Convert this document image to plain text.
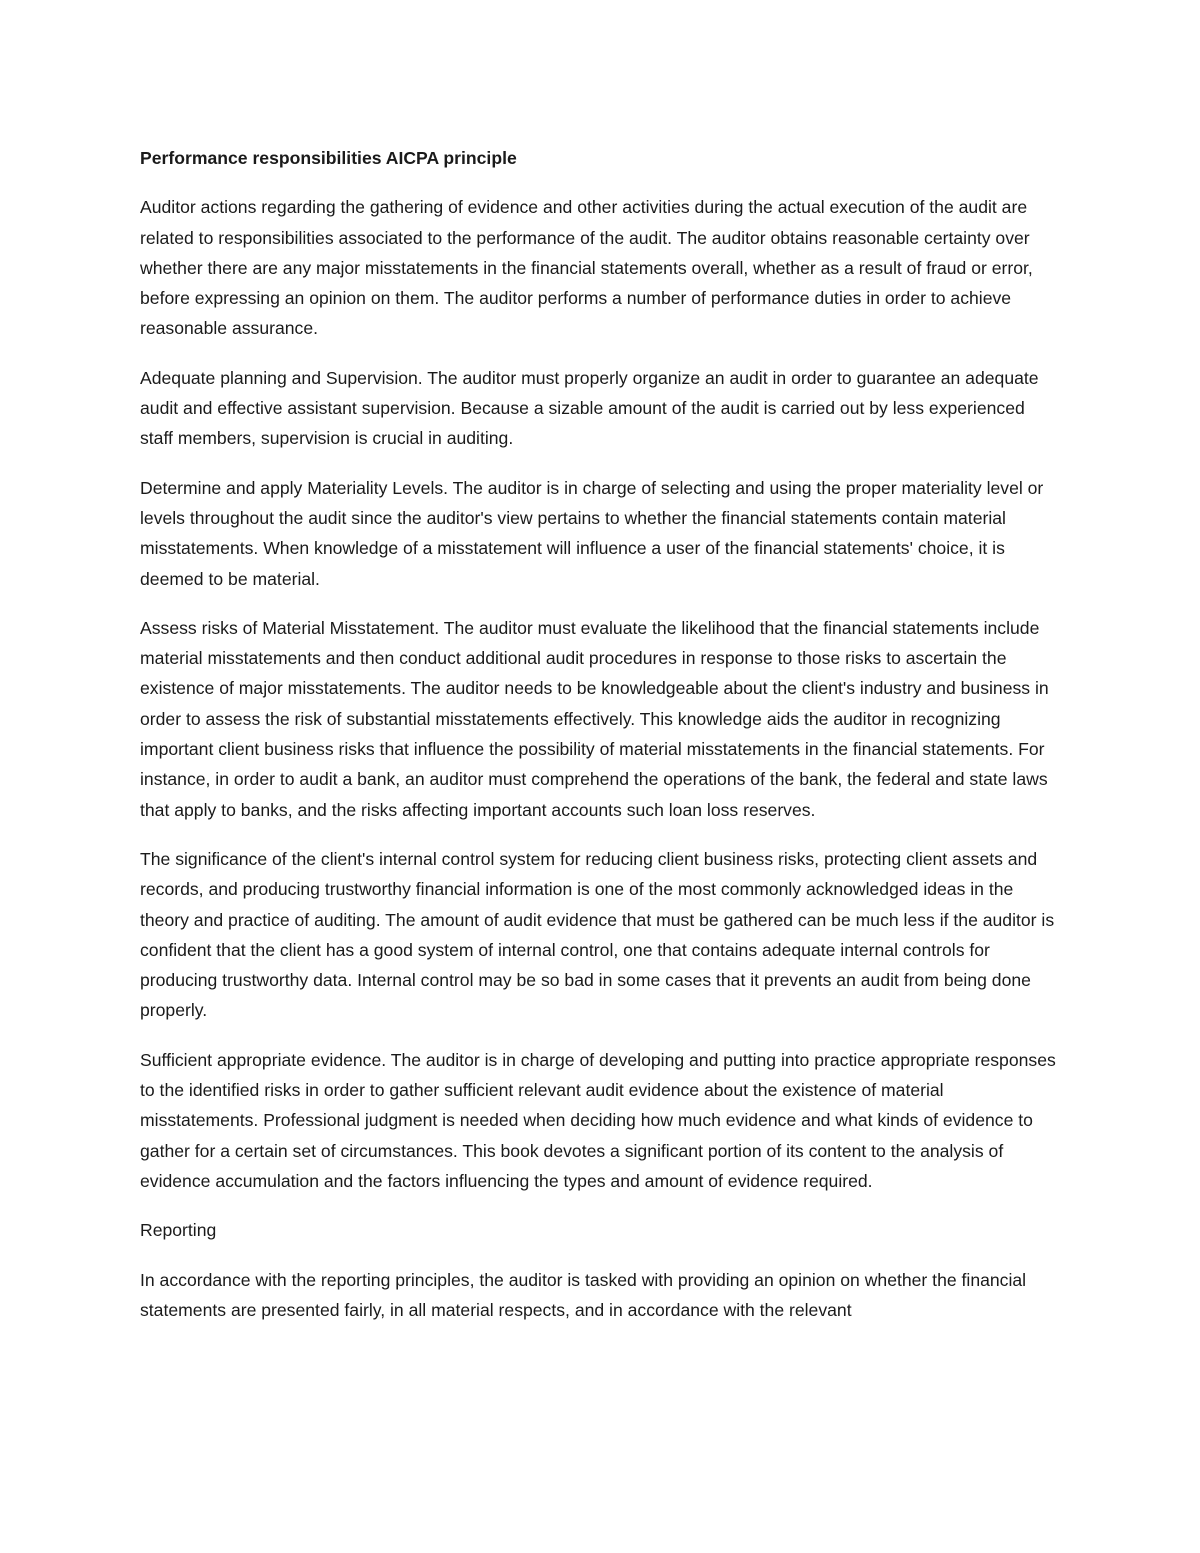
Performance responsibilities AICPA principle

Auditor actions regarding the gathering of evidence and other activities during the actual execution of the audit are related to responsibilities associated to the performance of the audit. The auditor obtains reasonable certainty over whether there are any major misstatements in the financial statements overall, whether as a result of fraud or error, before expressing an opinion on them. The auditor performs a number of performance duties in order to achieve reasonable assurance.

Adequate planning and Supervision. The auditor must properly organize an audit in order to guarantee an adequate audit and effective assistant supervision. Because a sizable amount of the audit is carried out by less experienced staff members, supervision is crucial in auditing.

Determine and apply Materiality Levels. The auditor is in charge of selecting and using the proper materiality level or levels throughout the audit since the auditor's view pertains to whether the financial statements contain material misstatements. When knowledge of a misstatement will influence a user of the financial statements' choice, it is deemed to be material.

Assess risks of Material Misstatement. The auditor must evaluate the likelihood that the financial statements include material misstatements and then conduct additional audit procedures in response to those risks to ascertain the existence of major misstatements. The auditor needs to be knowledgeable about the client's industry and business in order to assess the risk of substantial misstatements effectively. This knowledge aids the auditor in recognizing important client business risks that influence the possibility of material misstatements in the financial statements. For instance, in order to audit a bank, an auditor must comprehend the operations of the bank, the federal and state laws that apply to banks, and the risks affecting important accounts such loan loss reserves.

The significance of the client's internal control system for reducing client business risks, protecting client assets and records, and producing trustworthy financial information is one of the most commonly acknowledged ideas in the theory and practice of auditing. The amount of audit evidence that must be gathered can be much less if the auditor is confident that the client has a good system of internal control, one that contains adequate internal controls for producing trustworthy data. Internal control may be so bad in some cases that it prevents an audit from being done properly.

Sufficient appropriate evidence. The auditor is in charge of developing and putting into practice appropriate responses to the identified risks in order to gather sufficient relevant audit evidence about the existence of material misstatements. Professional judgment is needed when deciding how much evidence and what kinds of evidence to gather for a certain set of circumstances. This book devotes a significant portion of its content to the analysis of evidence accumulation and the factors influencing the types and amount of evidence required.

Reporting

In accordance with the reporting principles, the auditor is tasked with providing an opinion on whether the financial statements are presented fairly, in all material respects, and in accordance with the relevant
